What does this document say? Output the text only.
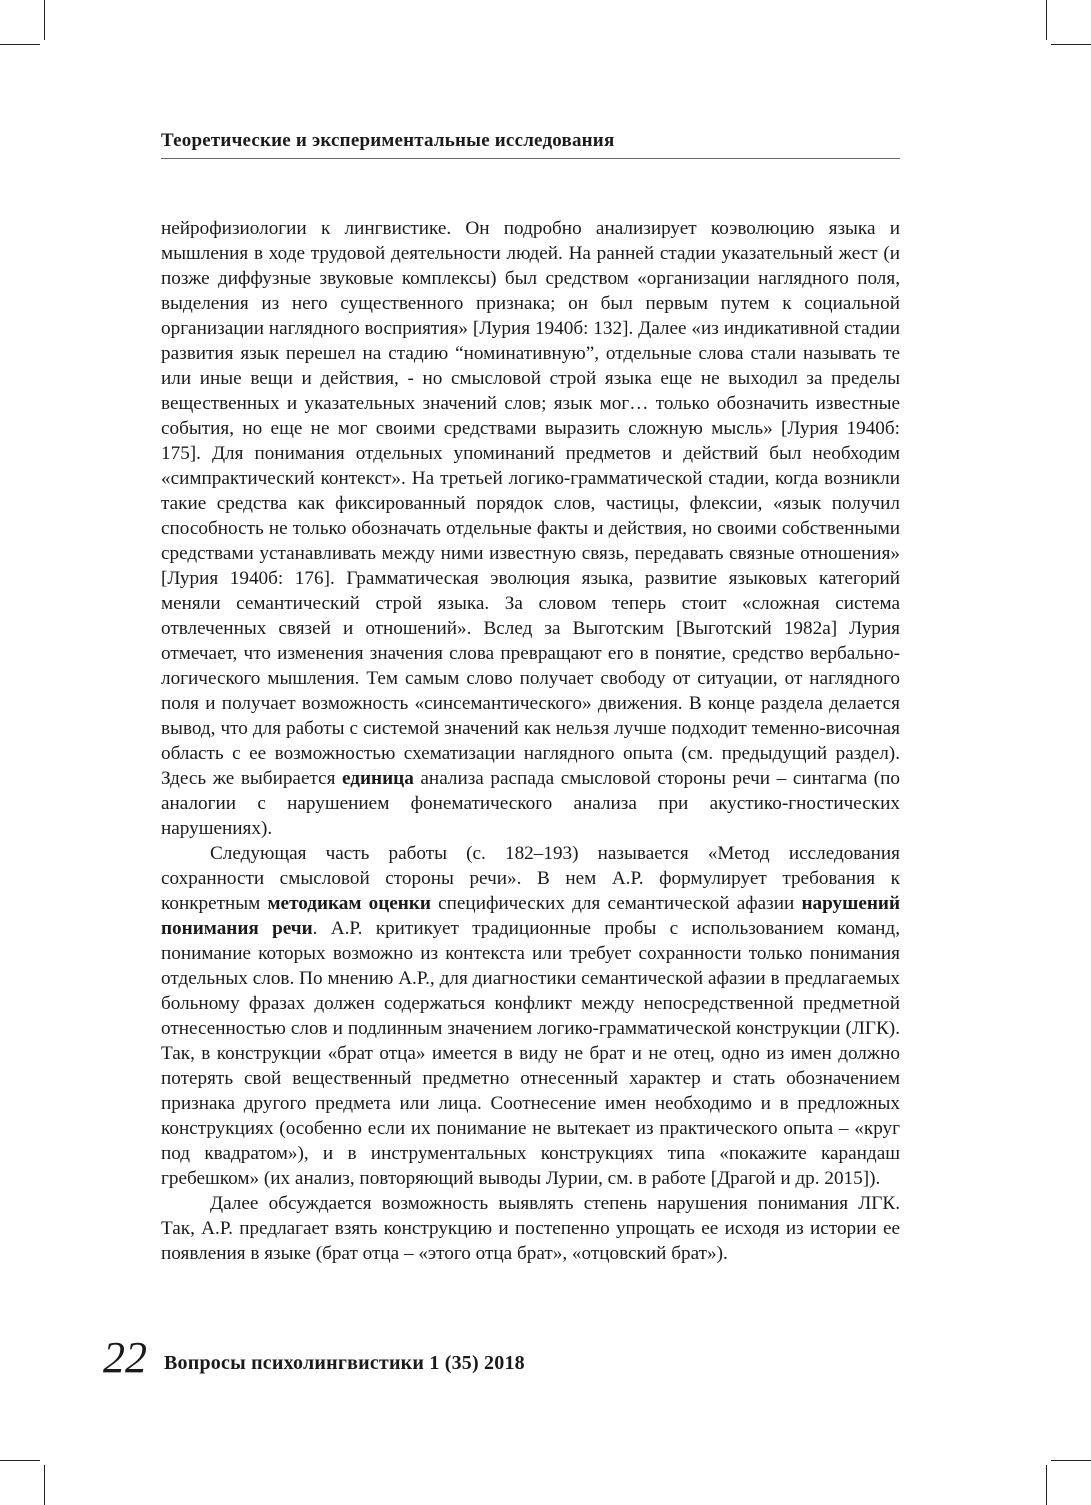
Теоретические и экспериментальные исследования

нейрофизиологии к лингвистике. Он подробно анализирует коэволюцию языка и мышления в ходе трудовой деятельности людей. На ранней стадии указательный жест (и позже диффузные звуковые комплексы) был средством «организации наглядного поля, выделения из него существенного признака; он был первым путем к социальной организации наглядного восприятия» [Лурия 1940б: 132]. Далее «из индикативной стадии развития язык перешел на стадию “номинативную”, отдельные слова стали называть те или иные вещи и действия, - но смысловой строй языка еще не выходил за пределы вещественных и указательных значений слов; язык мог… только обозначить известные события, но еще не мог своими средствами выразить сложную мысль» [Лурия 1940б: 175]. Для понимания отдельных упоминаний предметов и действий был необходим «симпрактический контекст». На третьей логико-грамматической стадии, когда возникли такие средства как фиксированный порядок слов, частицы, флексии, «язык получил способность не только обозначать отдельные факты и действия, но своими собственными средствами устанавливать между ними известную связь, передавать связные отношения» [Лурия 1940б: 176]. Грамматическая эволюция языка, развитие языковых категорий меняли семантический строй языка. За словом теперь стоит «сложная система отвлеченных связей и отношений». Вслед за Выготским [Выготский 1982а] Лурия отмечает, что изменения значения слова превращают его в понятие, средство вербально-логического мышления. Тем самым слово получает свободу от ситуации, от наглядного поля и получает возможность «синсемантического» движения. В конце раздела делается вывод, что для работы с системой значений как нельзя лучше подходит теменно-височная область с ее возможностью схематизации наглядного опыта (см. предыдущий раздел). Здесь же выбирается единица анализа распада смысловой стороны речи – синтагма (по аналогии с нарушением фонематического анализа при акустико-гностических нарушениях).

Следующая часть работы (с. 182–193) называется «Метод исследования сохранности смысловой стороны речи». В нем А.Р. формулирует требования к конкретным методикам оценки специфических для семантической афазии нарушений понимания речи. А.Р. критикует традиционные пробы с использованием команд, понимание которых возможно из контекста или требует сохранности только понимания отдельных слов. По мнению А.Р., для диагностики семантической афазии в предлагаемых больному фразах должен содержаться конфликт между непосредственной предметной отнесенностью слов и подлинным значением логико-грамматической конструкции (ЛГК). Так, в конструкции «брат отца» имеется в виду не брат и не отец, одно из имен должно потерять свой вещественный предметно отнесенный характер и стать обозначением признака другого предмета или лица. Соотнесение имен необходимо и в предложных конструкциях (особенно если их понимание не вытекает из практического опыта – «круг под квадратом»), и в инструментальных конструкциях типа «покажите карандаш гребешком» (их анализ, повторяющий выводы Лурии, см. в работе [Драгой и др. 2015]).

Далее обсуждается возможность выявлять степень нарушения понимания ЛГК. Так, А.Р. предлагает взять конструкцию и постепенно упрощать ее исходя из истории ее появления в языке (брат отца – «этого отца брат», «отцовский брат»).

22 Вопросы психолингвистики 1 (35) 2018
